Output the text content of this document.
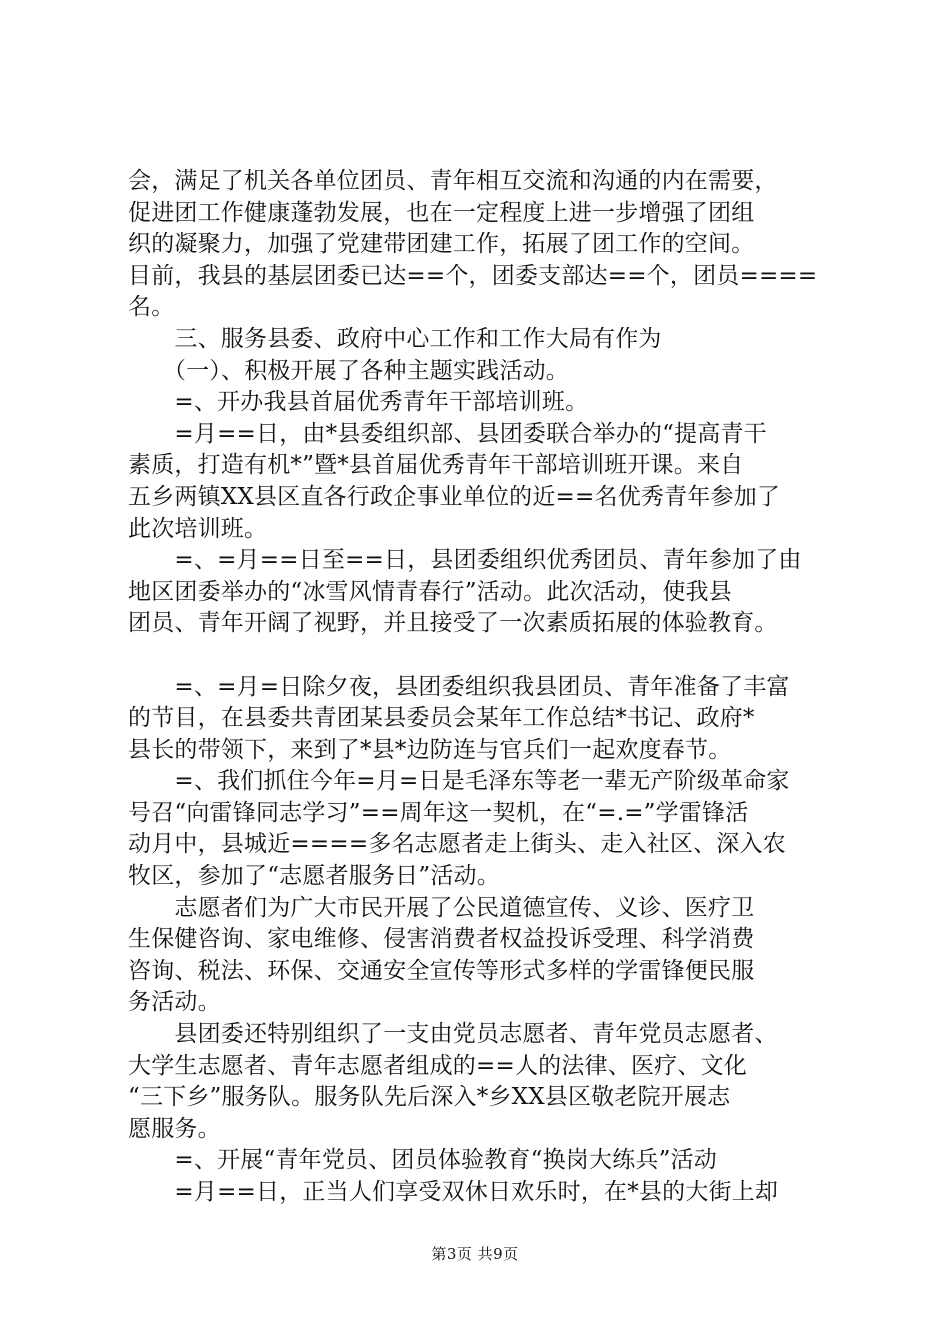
会，满足了机关各单位团员、青年相互交流和沟通的内在需要，
促进团工作健康蓬勃发展，也在一定程度上进一步增强了团组
织的凝聚力，加强了党建带团建工作，拓展了团工作的空间。
目前，我县的基层团委已达==个，团委支部达==个，团员====
名。
　　三、服务县委、政府中心工作和工作大局有作为
　　（一）、积极开展了各种主题实践活动。
　　=、开办我县首届优秀青年干部培训班。
　　=月==日，由*县委组织部、县团委联合举办的“提高青干
素质，打造有机*”暨*县首届优秀青年干部培训班开课。来自
五乡两镇XX县区直各行政企事业单位的近==名优秀青年参加了
此次培训班。
　　=、=月==日至==日，县团委组织优秀团员、青年参加了由
地区团委举办的“冰雪风情青春行”活动。此次活动，使我县
团员、青年开阔了视野，并且接受了一次素质拓展的体验教育。
　　=、=月=日除夕夜，县团委组织我县团员、青年准备了丰富
的节目，在县委共青团某县委员会某年工作总结*书记、政府*
县长的带领下，来到了*县*边防连与官兵们一起欢度春节。
　　=、我们抓住今年=月=日是毛泽东等老一辈无产阶级革命家
号召“向雷锋同志学习”==周年这一契机，在“=.=”学雷锋活
动月中，县城近====多名志愿者走上街头、走入社区、深入农
牧区，参加了“志愿者服务日”活动。
　　志愿者们为广大市民开展了公民道德宣传、义诊、医疗卫
生保健咨询、家电维修、侵害消费者权益投诉受理、科学消费
咨询、税法、环保、交通安全宣传等形式多样的学雷锋便民服
务活动。
　　县团委还特别组织了一支由党员志愿者、青年党员志愿者、
大学生志愿者、青年志愿者组成的==人的法律、医疗、文化
“三下乡”服务队。服务队先后深入*乡XX县区敬老院开展志
愿服务。
　　=、开展“青年党员、团员体验教育“换岗大练兵”活动
　　=月==日，正当人们享受双休日欢乐时，在*县的大街上却
第3页 共9页
